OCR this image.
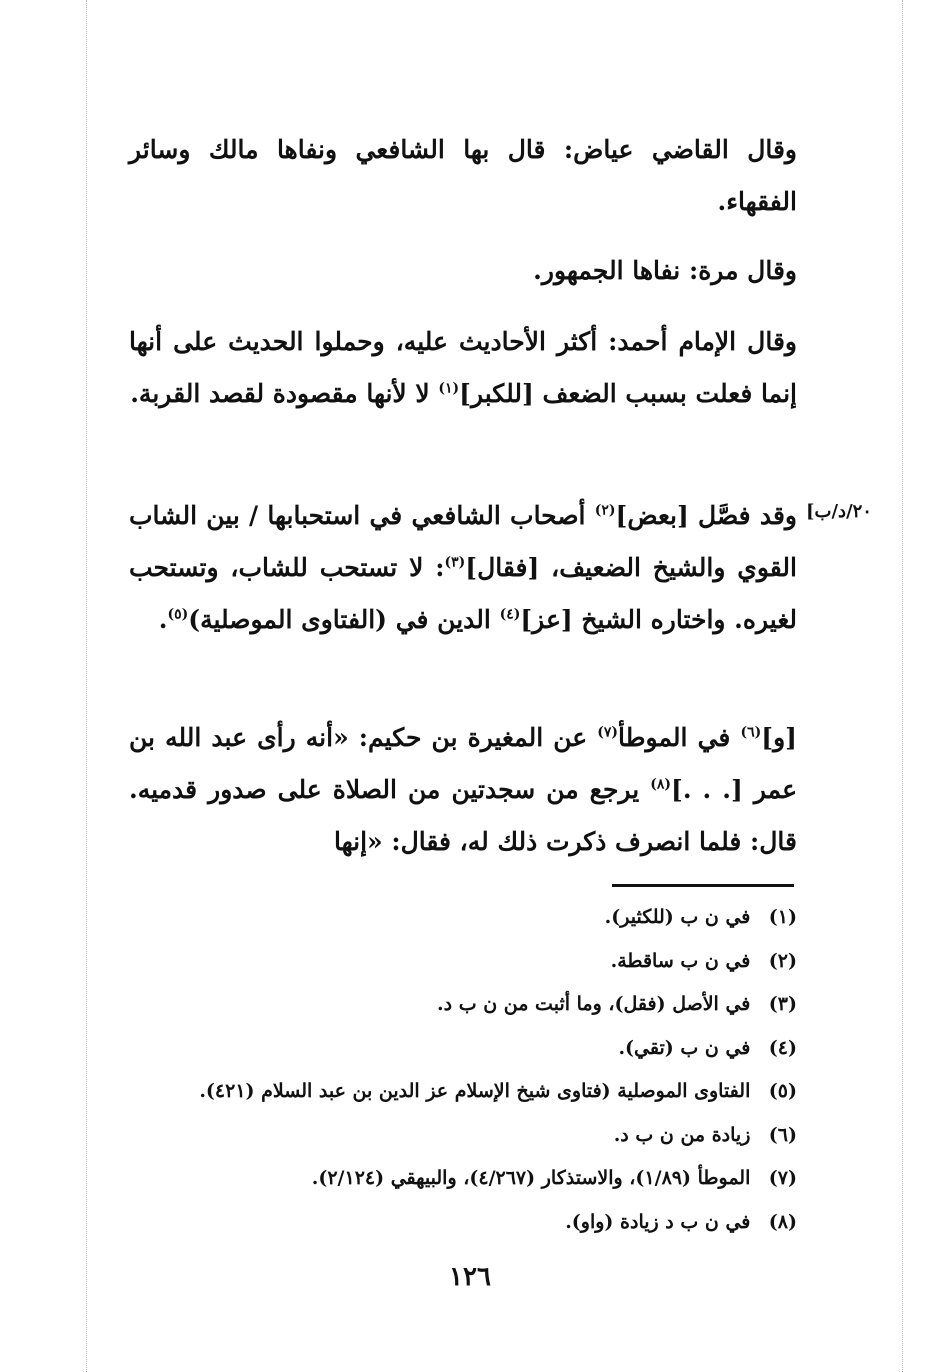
[٢٠/د/ب

وقال القاضي عياض: قال بها الشافعي ونفاها مالك وسائر الفقهاء.

وقال مرة: نفاها الجمهور.

وقال الإمام أحمد: أكثر الأحاديث عليه، وحملوا الحديث على أنها إنما فعلت بسبب الضعف [للكبر]$^{(١)}$ لا لأنها مقصودة لقصد القربة.

وقد فصَّل [بعض]$^{(٢)}$ أصحاب الشافعي في استحبابها / بين الشاب القوي والشيخ الضعيف، [فقال]$^{(٣)}$: لا تستحب للشاب، وتستحب لغيره. واختاره الشيخ [عز]$^{(٤)}$ الدين في (الفتاوى الموصلية)$^{(٥)}$.

[و]$^{(٦)}$ في الموطأ$^{(٧)}$ عن المغيرة بن حكيم: «أنه رأى عبد الله بن عمر [. . .]$^{(٨)}$ يرجع من سجدتين من الصلاة على صدور قدميه. قال: فلما انصرف ذكرت ذلك له، فقال: «إنها

(١) في ن ب (للكثير).
(٢) في ن ب ساقطة.
(٣) في الأصل (فقل)، وما أثبت من ن ب د.
(٤) في ن ب (تقي).
(٥) الفتاوى الموصلية (فتاوى شيخ الإسلام عز الدين بن عبد السلام (٤٢١).
(٦) زيادة من ن ب د.
(٧) الموطأ (١/٨٩)، والاستذكار (٤/٢٦٧)، والبيهقي (٢/١٢٤).
(٨) في ن ب د زيادة (واو).
١٢٦
